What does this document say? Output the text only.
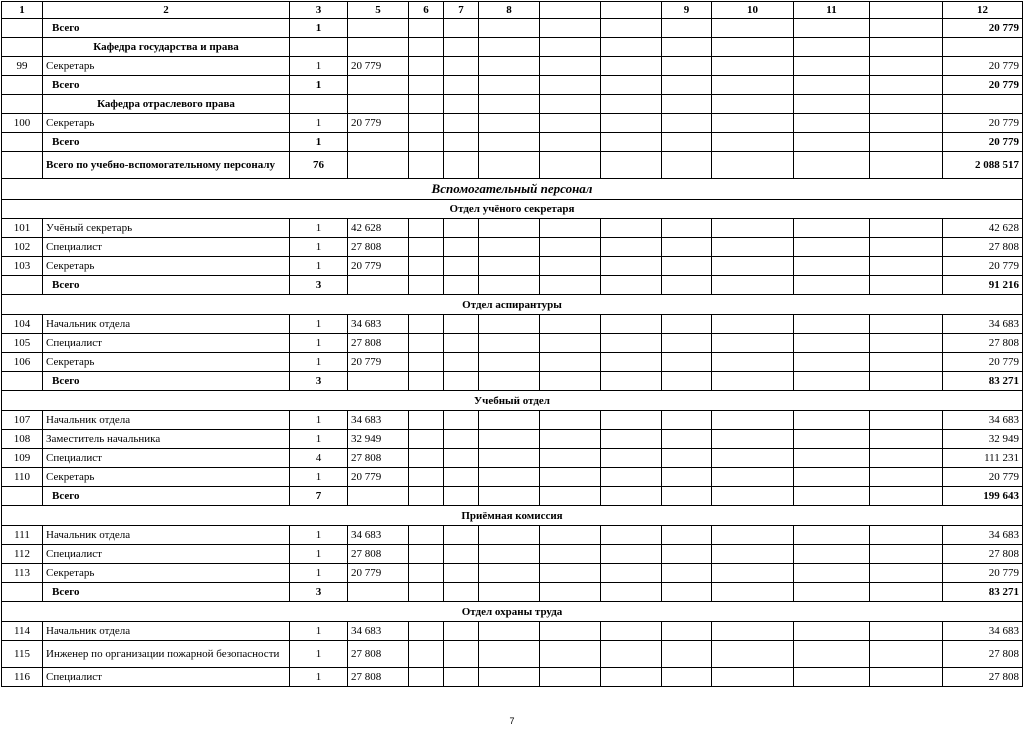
1	2	3	5	6	7	8			9	10	11		12
	Всего	1											20 779
	Кафедра государства и права												
99	Секретарь	1	20 779										20 779
	Всего	1											20 779
	Кафедра отраслевого права												
100	Секретарь	1	20 779										20 779
	Всего	1											20 779
	Всего по учебно-вспомогательному персоналу	76											2 088 517
Вспомогательный персонал													
Отдел учёного секретаря													
101	Учёный секретарь	1	42 628										42 628
102	Специалист	1	27 808										27 808
103	Секретарь	1	20 779										20 779
	Всего	3											91 216
Отдел аспирантуры													
104	Начальник отдела	1	34 683										34 683
105	Специалист	1	27 808										27 808
106	Секретарь	1	20 779										20 779
	Всего	3											83 271
Учебный отдел													
107	Начальник отдела	1	34 683										34 683
108	Заместитель начальника	1	32 949										32 949
109	Специалист	4	27 808										111 231
110	Секретарь	1	20 779										20 779
	Всего	7											199 643
Приёмная комиссия													
111	Начальник отдела	1	34 683										34 683
112	Специалист	1	27 808										27 808
113	Секретарь	1	20 779										20 779
	Всего	3											83 271
Отдел охраны труда													
114	Начальник отдела	1	34 683										34 683
115	Инженер по организации пожарной безопасности	1	27 808										27 808
116	Специалист	1	27 808										27 808
7
